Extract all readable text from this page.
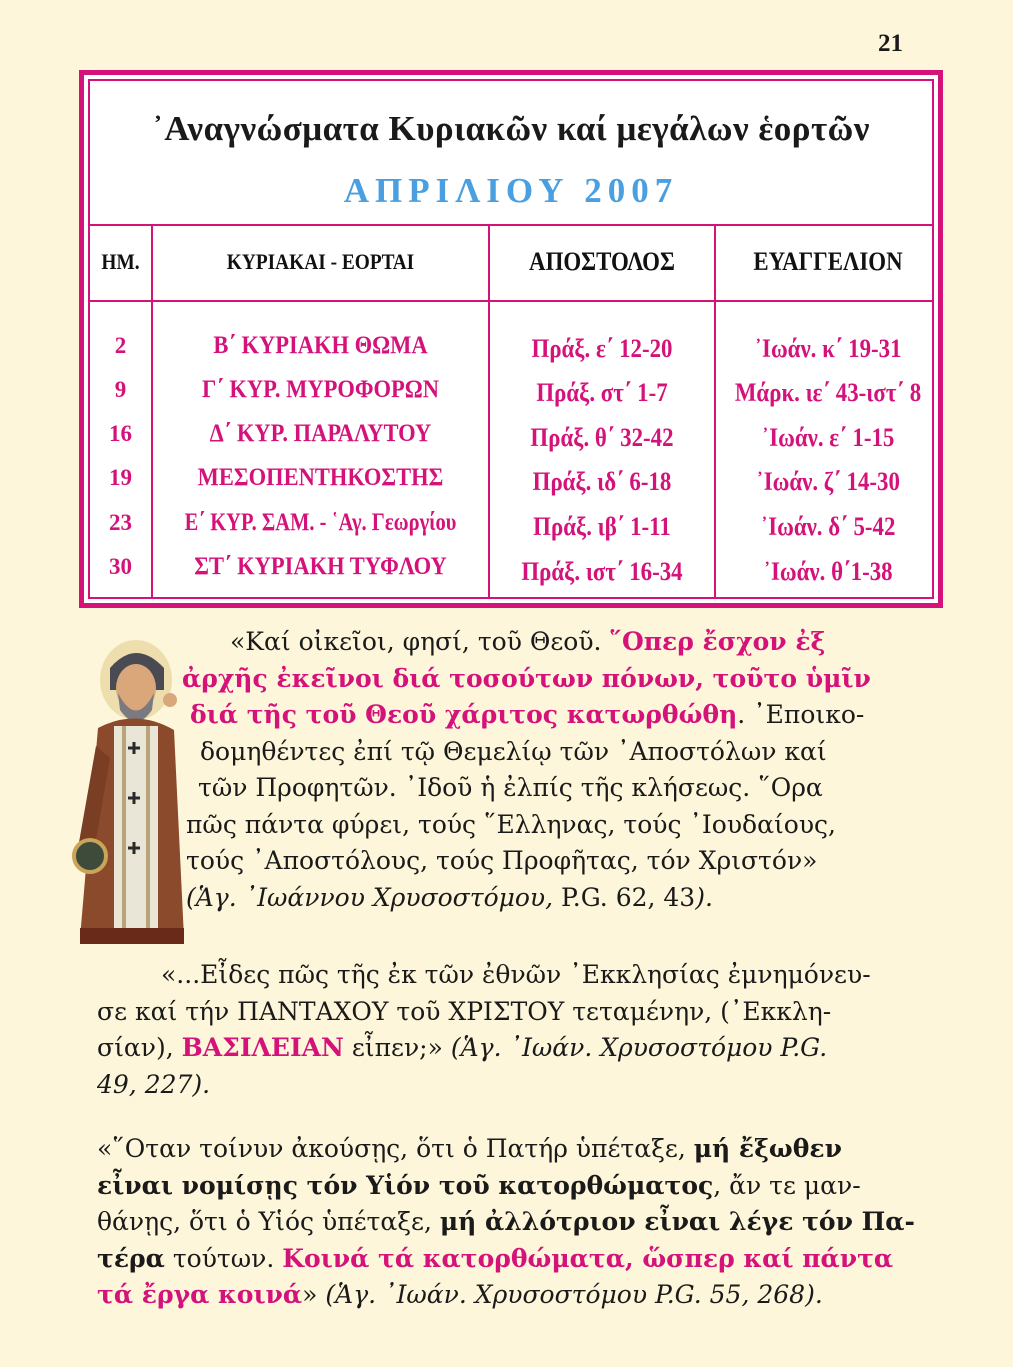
21
᾿Αναγνώσματα Κυριακῶν καί μεγάλων ἑορτῶν
ΑΠΡΙΛΙΟΥ 2007
ΗΜ.	ΚΥΡΙΑΚΑΙ - ΕΟΡΤΑΙ	ΑΠΟΣΤΟΛΟΣ	ΕΥΑΓΓΕΛΙΟΝ
2	Β΄ ΚΥΡΙΑΚΗ ΘΩΜΑ	Πράξ. ε΄ 12-20	᾿Ιωάν. κ΄ 19-31
9	Γ΄ ΚΥΡ. ΜΥΡΟΦΟΡΩΝ	Πράξ. στ΄ 1-7	Μάρκ. ιε΄ 43-ιστ΄ 8
16	Δ΄ ΚΥΡ. ΠΑΡΑΛΥΤΟΥ	Πράξ. θ΄ 32-42	᾿Ιωάν. ε΄ 1-15
19	ΜΕΣΟΠΕΝΤΗΚΟΣΤΗΣ	Πράξ. ιδ΄ 6-18	᾿Ιωάν. ζ΄ 14-30
23	Ε΄ ΚΥΡ. ΣΑΜ. - ῾Αγ. Γεωργίου	Πράξ. ιβ΄ 1-11	᾿Ιωάν. δ΄ 5-42
30	ΣΤ΄ ΚΥΡΙΑΚΗ ΤΥΦΛΟΥ	Πράξ. ιστ΄ 16-34	᾿Ιωάν. θ΄1-38
«Καί οἰκεῖοι, φησί, τοῦ Θεοῦ. ῞Οπερ ἔσχον ἐξ
ἀρχῆς ἐκεῖνοι διά τοσούτων πόνων, τοῦτο ὑμῖν
διά τῆς τοῦ Θεοῦ χάριτος κατωρθώθη. ᾿Εποικο-
δομηθέντες ἐπί τῷ Θεμελίῳ τῶν ᾿Αποστόλων καί
τῶν Προφητῶν. ᾿Ιδοῦ ἡ ἐλπίς τῆς κλήσεως. ῞Ορα
πῶς πάντα φύρει, τούς ῞Ελληνας, τούς ᾿Ιουδαίους,
τούς ᾿Αποστόλους, τούς Προφῆτας, τόν Χριστόν»
(Ἁγ. ᾿Ιωάννου Χρυσοστόμου, P.G. 62, 43).
«...Εἶδες πῶς τῆς ἐκ τῶν ἐθνῶν ᾿Εκκλησίας ἐμνημόνευ-
σε καί τήν ΠΑΝΤΑΧΟΥ τοῦ ΧΡΙΣΤΟΥ τεταμένην, (᾿Εκκλη-
σίαν), ΒΑΣΙΛΕΙΑΝ εἶπεν;» (Ἁγ. ᾿Ιωάν. Χρυσοστόμου P.G.
49, 227).
«῞Οταν τοίνυν ἀκούσῃς, ὅτι ὁ Πατήρ ὑπέταξε, μή ἔξωθεν
εἶναι νομίσῃς τόν Υἱόν τοῦ κατορθώματος, ἄν τε μαν-
θάνῃς, ὅτι ὁ Υἱός ὑπέταξε, μή ἀλλότριον εἶναι λέγε τόν Πα-
τέρα τούτων. Κοινά τά κατορθώματα, ὥσπερ καί πάντα
τά ἔργα κοινά» (Ἁγ. ᾿Ιωάν. Χρυσοστόμου P.G. 55, 268).
